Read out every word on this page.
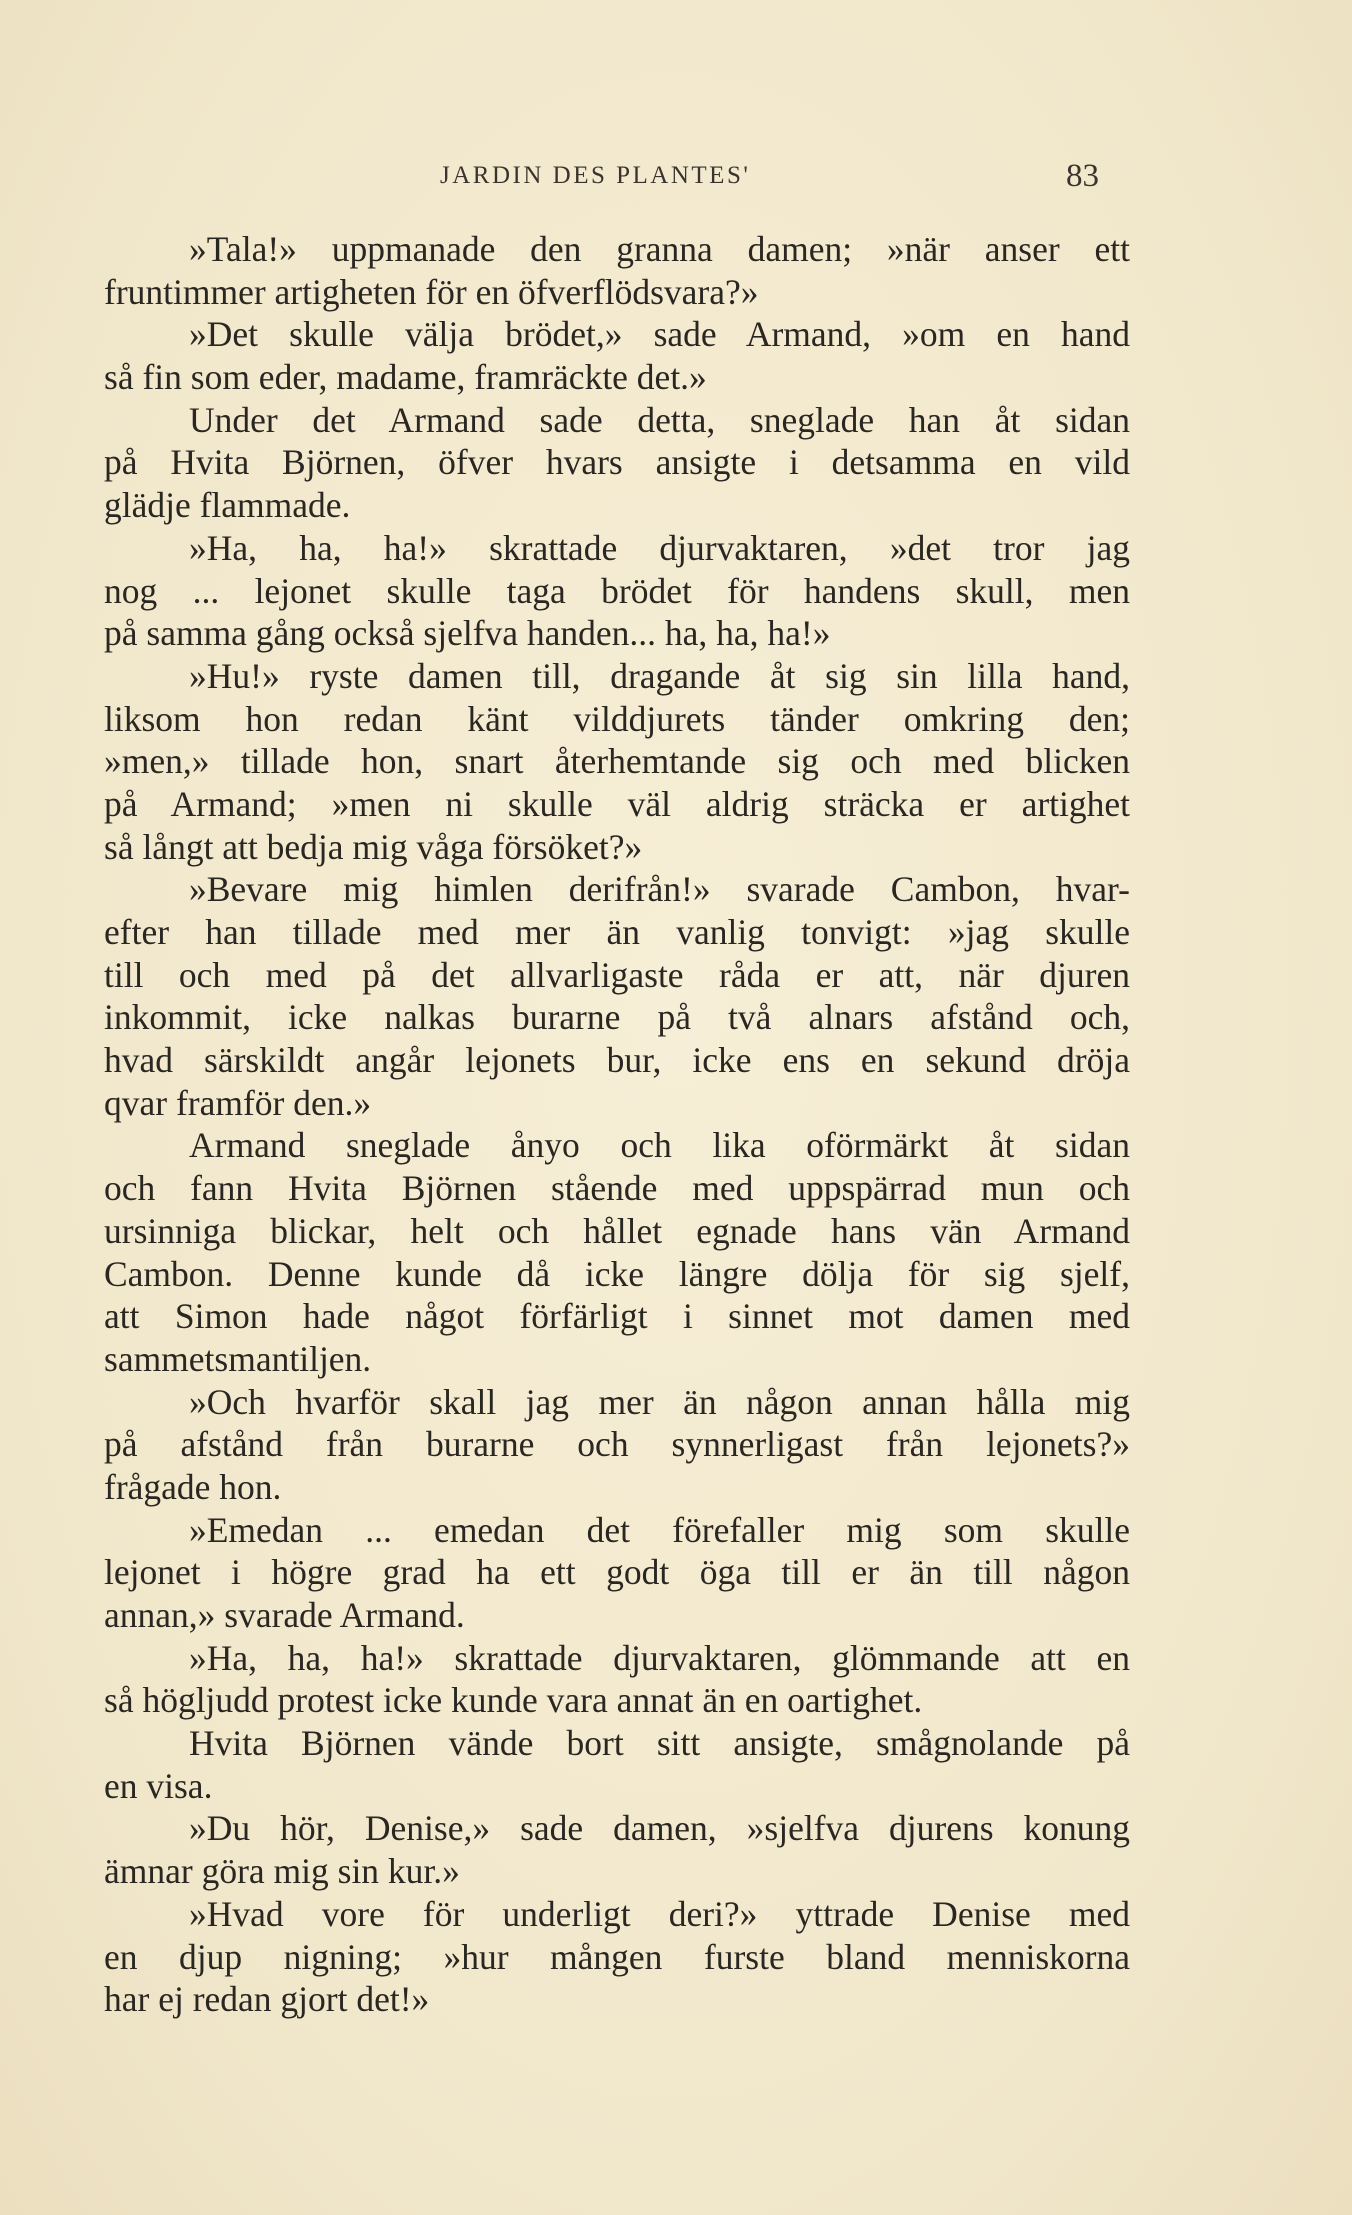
JARDIN DES PLANTES'	83
»Tala!» uppmanade den granna damen; »när anser ett
fruntimmer artigheten för en öfverflödsvara?»
»Det skulle välja brödet,» sade Armand, »om en hand
så fin som eder, madame, framräckte det.»
Under det Armand sade detta, sneglade han åt sidan
på Hvita Björnen, öfver hvars ansigte i detsamma en vild
glädje flammade.
»Ha, ha, ha!» skrattade djurvaktaren, »det tror jag
nog ... lejonet skulle taga brödet för handens skull, men
på samma gång också sjelfva handen... ha, ha, ha!»
»Hu!» ryste damen till, dragande åt sig sin lilla hand,
liksom hon redan känt vilddjurets tänder omkring den;
»men,» tillade hon, snart återhemtande sig och med blicken
på Armand; »men ni skulle väl aldrig sträcka er artighet
så långt att bedja mig våga försöket?»
»Bevare mig himlen derifrån!» svarade Cambon, hvar-
efter han tillade med mer än vanlig tonvigt: »jag skulle
till och med på det allvarligaste råda er att, när djuren
inkommit, icke nalkas burarne på två alnars afstånd och,
hvad särskildt angår lejonets bur, icke ens en sekund dröja
qvar framför den.»
Armand sneglade ånyo och lika oförmärkt åt sidan
och fann Hvita Björnen stående med uppspärrad mun och
ursinniga blickar, helt och hållet egnade hans vän Armand
Cambon. Denne kunde då icke längre dölja för sig sjelf,
att Simon hade något förfärligt i sinnet mot damen med
sammetsmantiljen.
»Och hvarför skall jag mer än någon annan hålla mig
på afstånd från burarne och synnerligast från lejonets?»
frågade hon.
»Emedan ... emedan det förefaller mig som skulle
lejonet i högre grad ha ett godt öga till er än till någon
annan,» svarade Armand.
»Ha, ha, ha!» skrattade djurvaktaren, glömmande att en
så högljudd protest icke kunde vara annat än en oartighet.
Hvita Björnen vände bort sitt ansigte, smågnolande på
en visa.
»Du hör, Denise,» sade damen, »sjelfva djurens konung
ämnar göra mig sin kur.»
»Hvad vore för underligt deri?» yttrade Denise med
en djup nigning; »hur mången furste bland menniskorna
har ej redan gjort det!»
